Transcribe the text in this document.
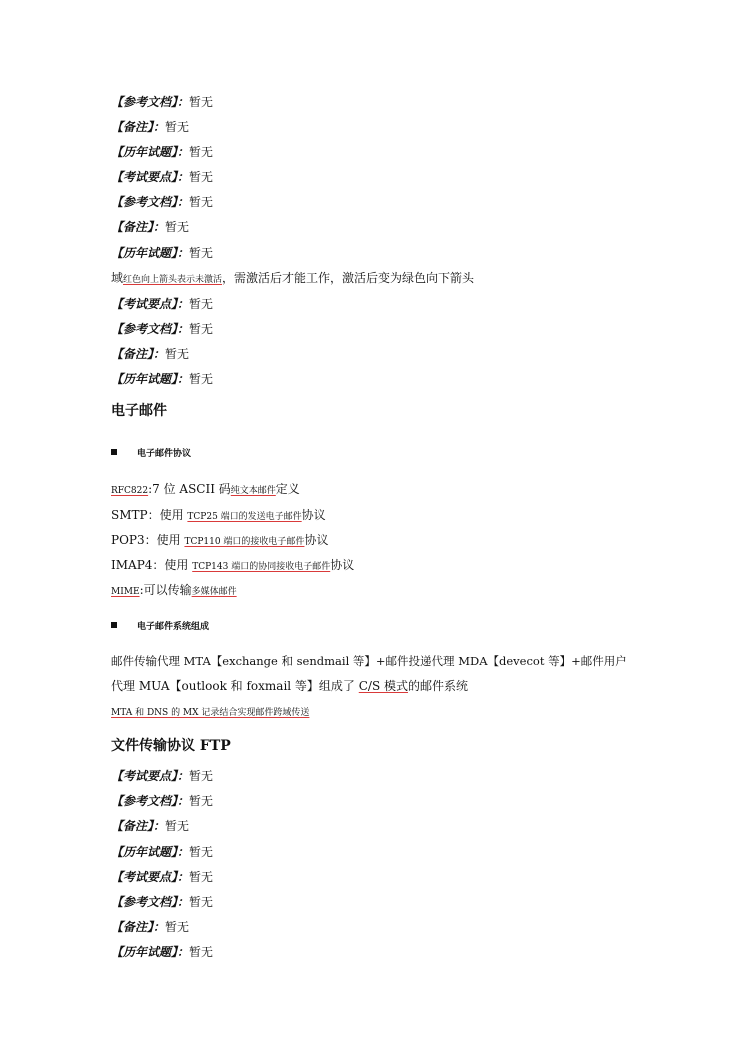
【参考文档】：暂无
【备注】：暂无
【历年试题】：暂无
【考试要点】：暂无
【参考文档】：暂无
【备注】：暂无
【历年试题】：暂无
域红色向上箭头表示未激活，需激活后才能工作，激活后变为绿色向下箭头
【考试要点】：暂无
【参考文档】：暂无
【备注】：暂无
【历年试题】：暂无
电子邮件
电子邮件协议
RFC822:7 位 ASCII 码纯文本邮件定义
SMTP：使用 TCP25 端口的发送电子邮件协议
POP3：使用 TCP110 端口的接收电子邮件协议
IMAP4：使用 TCP143 端口的协同接收电子邮件协议
MIME:可以传输多媒体邮件
电子邮件系统组成
邮件传输代理 MTA【exchange 和 sendmail 等】+邮件投递代理 MDA【devecot 等】+邮件用户
代理 MUA【outlook 和 foxmail 等】组成了 C/S 模式的邮件系统
MTA 和 DNS 的 MX 记录结合实现邮件跨域传送
文件传输协议 FTP
【考试要点】：暂无
【参考文档】：暂无
【备注】：暂无
【历年试题】：暂无
【考试要点】：暂无
【参考文档】：暂无
【备注】：暂无
【历年试题】：暂无
